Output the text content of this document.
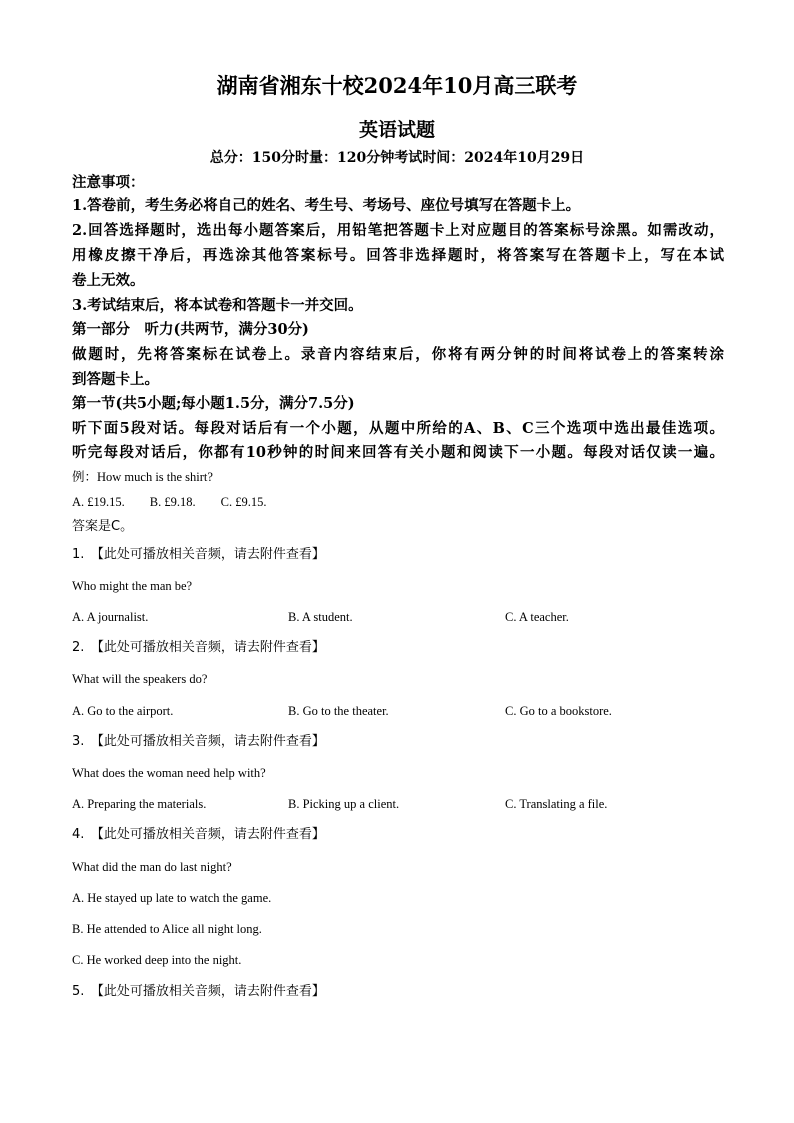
湖南省湘东十校2024年10月高三联考
英语试题
总分：150分时量：120分钟考试时间：2024年10月29日
注意事项：
1.答卷前，考生务必将自己的姓名、考生号、考场号、座位号填写在答题卡上。
2.回答选择题时，选出每小题答案后，用铅笔把答题卡上对应题目的答案标号涂黑。如需改动，
用橡皮擦干净后，再选涂其他答案标号。回答非选择题时，将答案写在答题卡上，写在本试
卷上无效。
3.考试结束后，将本试卷和答题卡一并交回。
第一部分　听力(共两节，满分30分)
做题时，先将答案标在试卷上。录音内容结束后，你将有两分钟的时间将试卷上的答案转涂
到答题卡上。
第一节(共5小题;每小题1.5分，满分7.5分)
听下面5段对话。每段对话后有一个小题，从题中所给的A、B、C三个选项中选出最佳选项。
听完每段对话后，你都有10秒钟的时间来回答有关小题和阅读下一小题。每段对话仅读一遍。
例：How much is the shirt?
A. £19.15.　　B. £9.18.　　C. £9.15.
答案是C。
1.　【此处可播放相关音频，请去附件查看】
Who might the man be?
A. A journalist.	B. A student.	C. A teacher.
2.　【此处可播放相关音频，请去附件查看】
What will the speakers do?
A. Go to the airport.	B. Go to the theater.	C. Go to a bookstore.
3.　【此处可播放相关音频，请去附件查看】
What does the woman need help with?
A. Preparing the materials.	B. Picking up a client.	C. Translating a file.
4.　【此处可播放相关音频，请去附件查看】
What did the man do last night?
A. He stayed up late to watch the game.
B. He attended to Alice all night long.
C. He worked deep into the night.
5.　【此处可播放相关音频，请去附件查看】
